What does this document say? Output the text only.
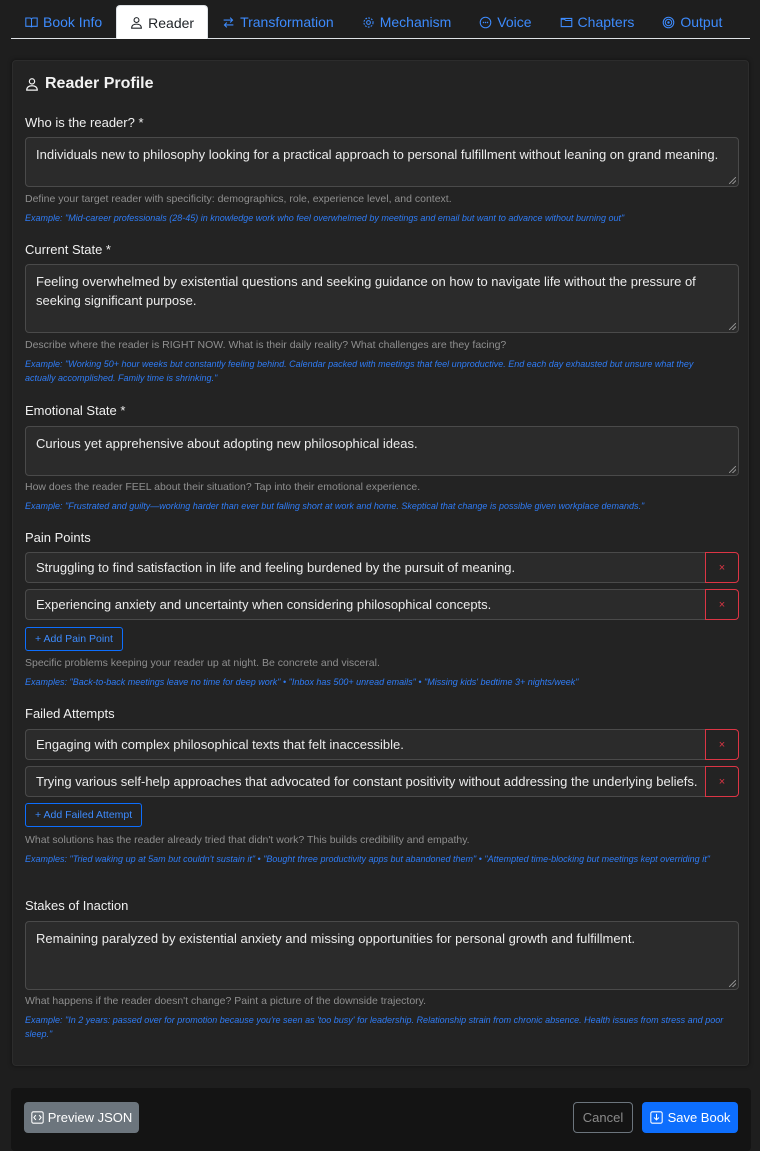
Book Info	Reader	Transformation	Mechanism	Voice	Chapters	Output
Reader Profile
Who is the reader? *
Individuals new to philosophy looking for a practical approach to personal fulfillment without leaning on grand meaning.
Define your target reader with specificity: demographics, role, experience level, and context.
Example: "Mid-career professionals (28-45) in knowledge work who feel overwhelmed by meetings and email but want to advance without burning out"
Current State *
Feeling overwhelmed by existential questions and seeking guidance on how to navigate life without the pressure of seeking significant purpose.
Describe where the reader is RIGHT NOW. What is their daily reality? What challenges are they facing?
Example: "Working 50+ hour weeks but constantly feeling behind. Calendar packed with meetings that feel unproductive. End each day exhausted but unsure what they actually accomplished. Family time is shrinking."
Emotional State *
Curious yet apprehensive about adopting new philosophical ideas.
How does the reader FEEL about their situation? Tap into their emotional experience.
Example: "Frustrated and guilty—working harder than ever but falling short at work and home. Skeptical that change is possible given workplace demands."
Pain Points
Struggling to find satisfaction in life and feeling burdened by the pursuit of meaning.	×
Experiencing anxiety and uncertainty when considering philosophical concepts.	×
+ Add Pain Point
Specific problems keeping your reader up at night. Be concrete and visceral.
Examples: "Back-to-back meetings leave no time for deep work" • "Inbox has 500+ unread emails" • "Missing kids' bedtime 3+ nights/week"
Failed Attempts
Engaging with complex philosophical texts that felt inaccessible.	×
Trying various self-help approaches that advocated for constant positivity without addressing the underlying beliefs.	×
+ Add Failed Attempt
What solutions has the reader already tried that didn't work? This builds credibility and empathy.
Examples: "Tried waking up at 5am but couldn't sustain it" • "Bought three productivity apps but abandoned them" • "Attempted time-blocking but meetings kept overriding it"
Stakes of Inaction
Remaining paralyzed by existential anxiety and missing opportunities for personal growth and fulfillment.
What happens if the reader doesn't change? Paint a picture of the downside trajectory.
Example: "In 2 years: passed over for promotion because you're seen as 'too busy' for leadership. Relationship strain from chronic absence. Health issues from stress and poor sleep."
Preview JSON	Cancel	Save Book
